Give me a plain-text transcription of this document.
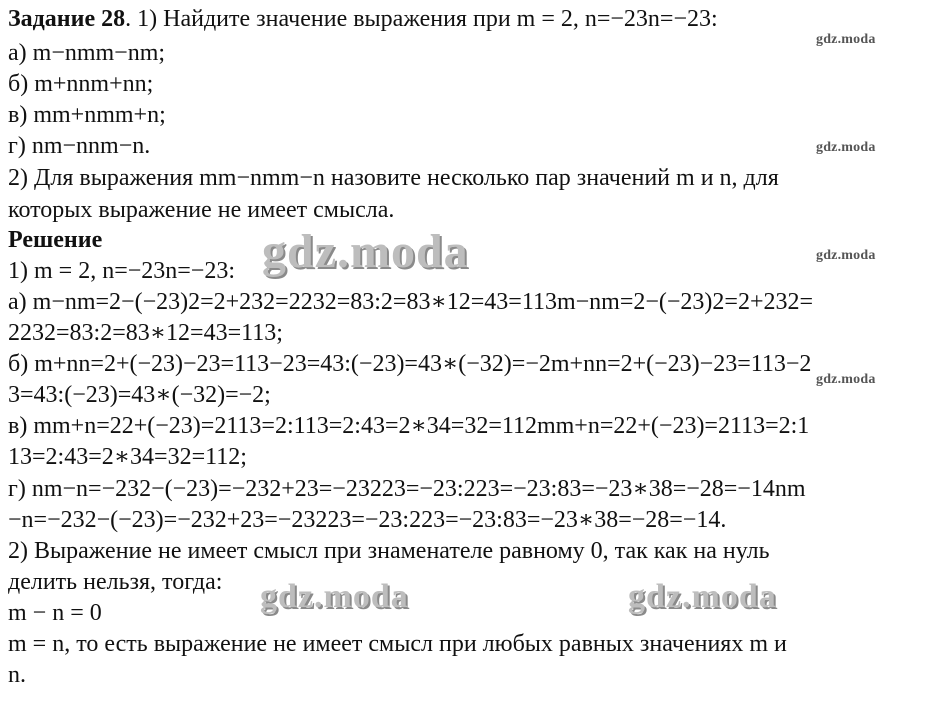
Задание 28. 1) Найдите значение выражения при m = 2, n=−23n=−23:
а) m−nmm−nm;
б) m+nnm+nn;
в) mm+nmm+n;
г) nm−nnm−n.
2) Для выражения mm−nmm−n назовите несколько пар значений m и n, для
которых выражение не имеет смысла.
Решение
1) m = 2, n=−23n=−23:
а) m−nm=2−(−23)2=2+232=2232=83:2=83∗12=43=113m−nm=2−(−23)2=2+232=
2232=83:2=83∗12=43=113;
б) m+nn=2+(−23)−23=113−23=43:(−23)=43∗(−32)=−2m+nn=2+(−23)−23=113−2
3=43:(−23)=43∗(−32)=−2;
в) mm+n=22+(−23)=2113=2:113=2:43=2∗34=32=112mm+n=22+(−23)=2113=2:1
13=2:43=2∗34=32=112;
г) nm−n=−232−(−23)=−232+23=−23223=−23:223=−23:83=−23∗38=−28=−14nm
−n=−232−(−23)=−232+23=−23223=−23:223=−23:83=−23∗38=−28=−14.
2) Выражение не имеет смысл при знаменателе равному 0, так как на нуль
делить нельзя, тогда:
m − n = 0
m = n, то есть выражение не имеет смысл при любых равных значениях m и
n.
gdz.moda
gdz.moda
gdz.moda
gdz.moda
gdz.moda
gdz.moda	gdz.moda
